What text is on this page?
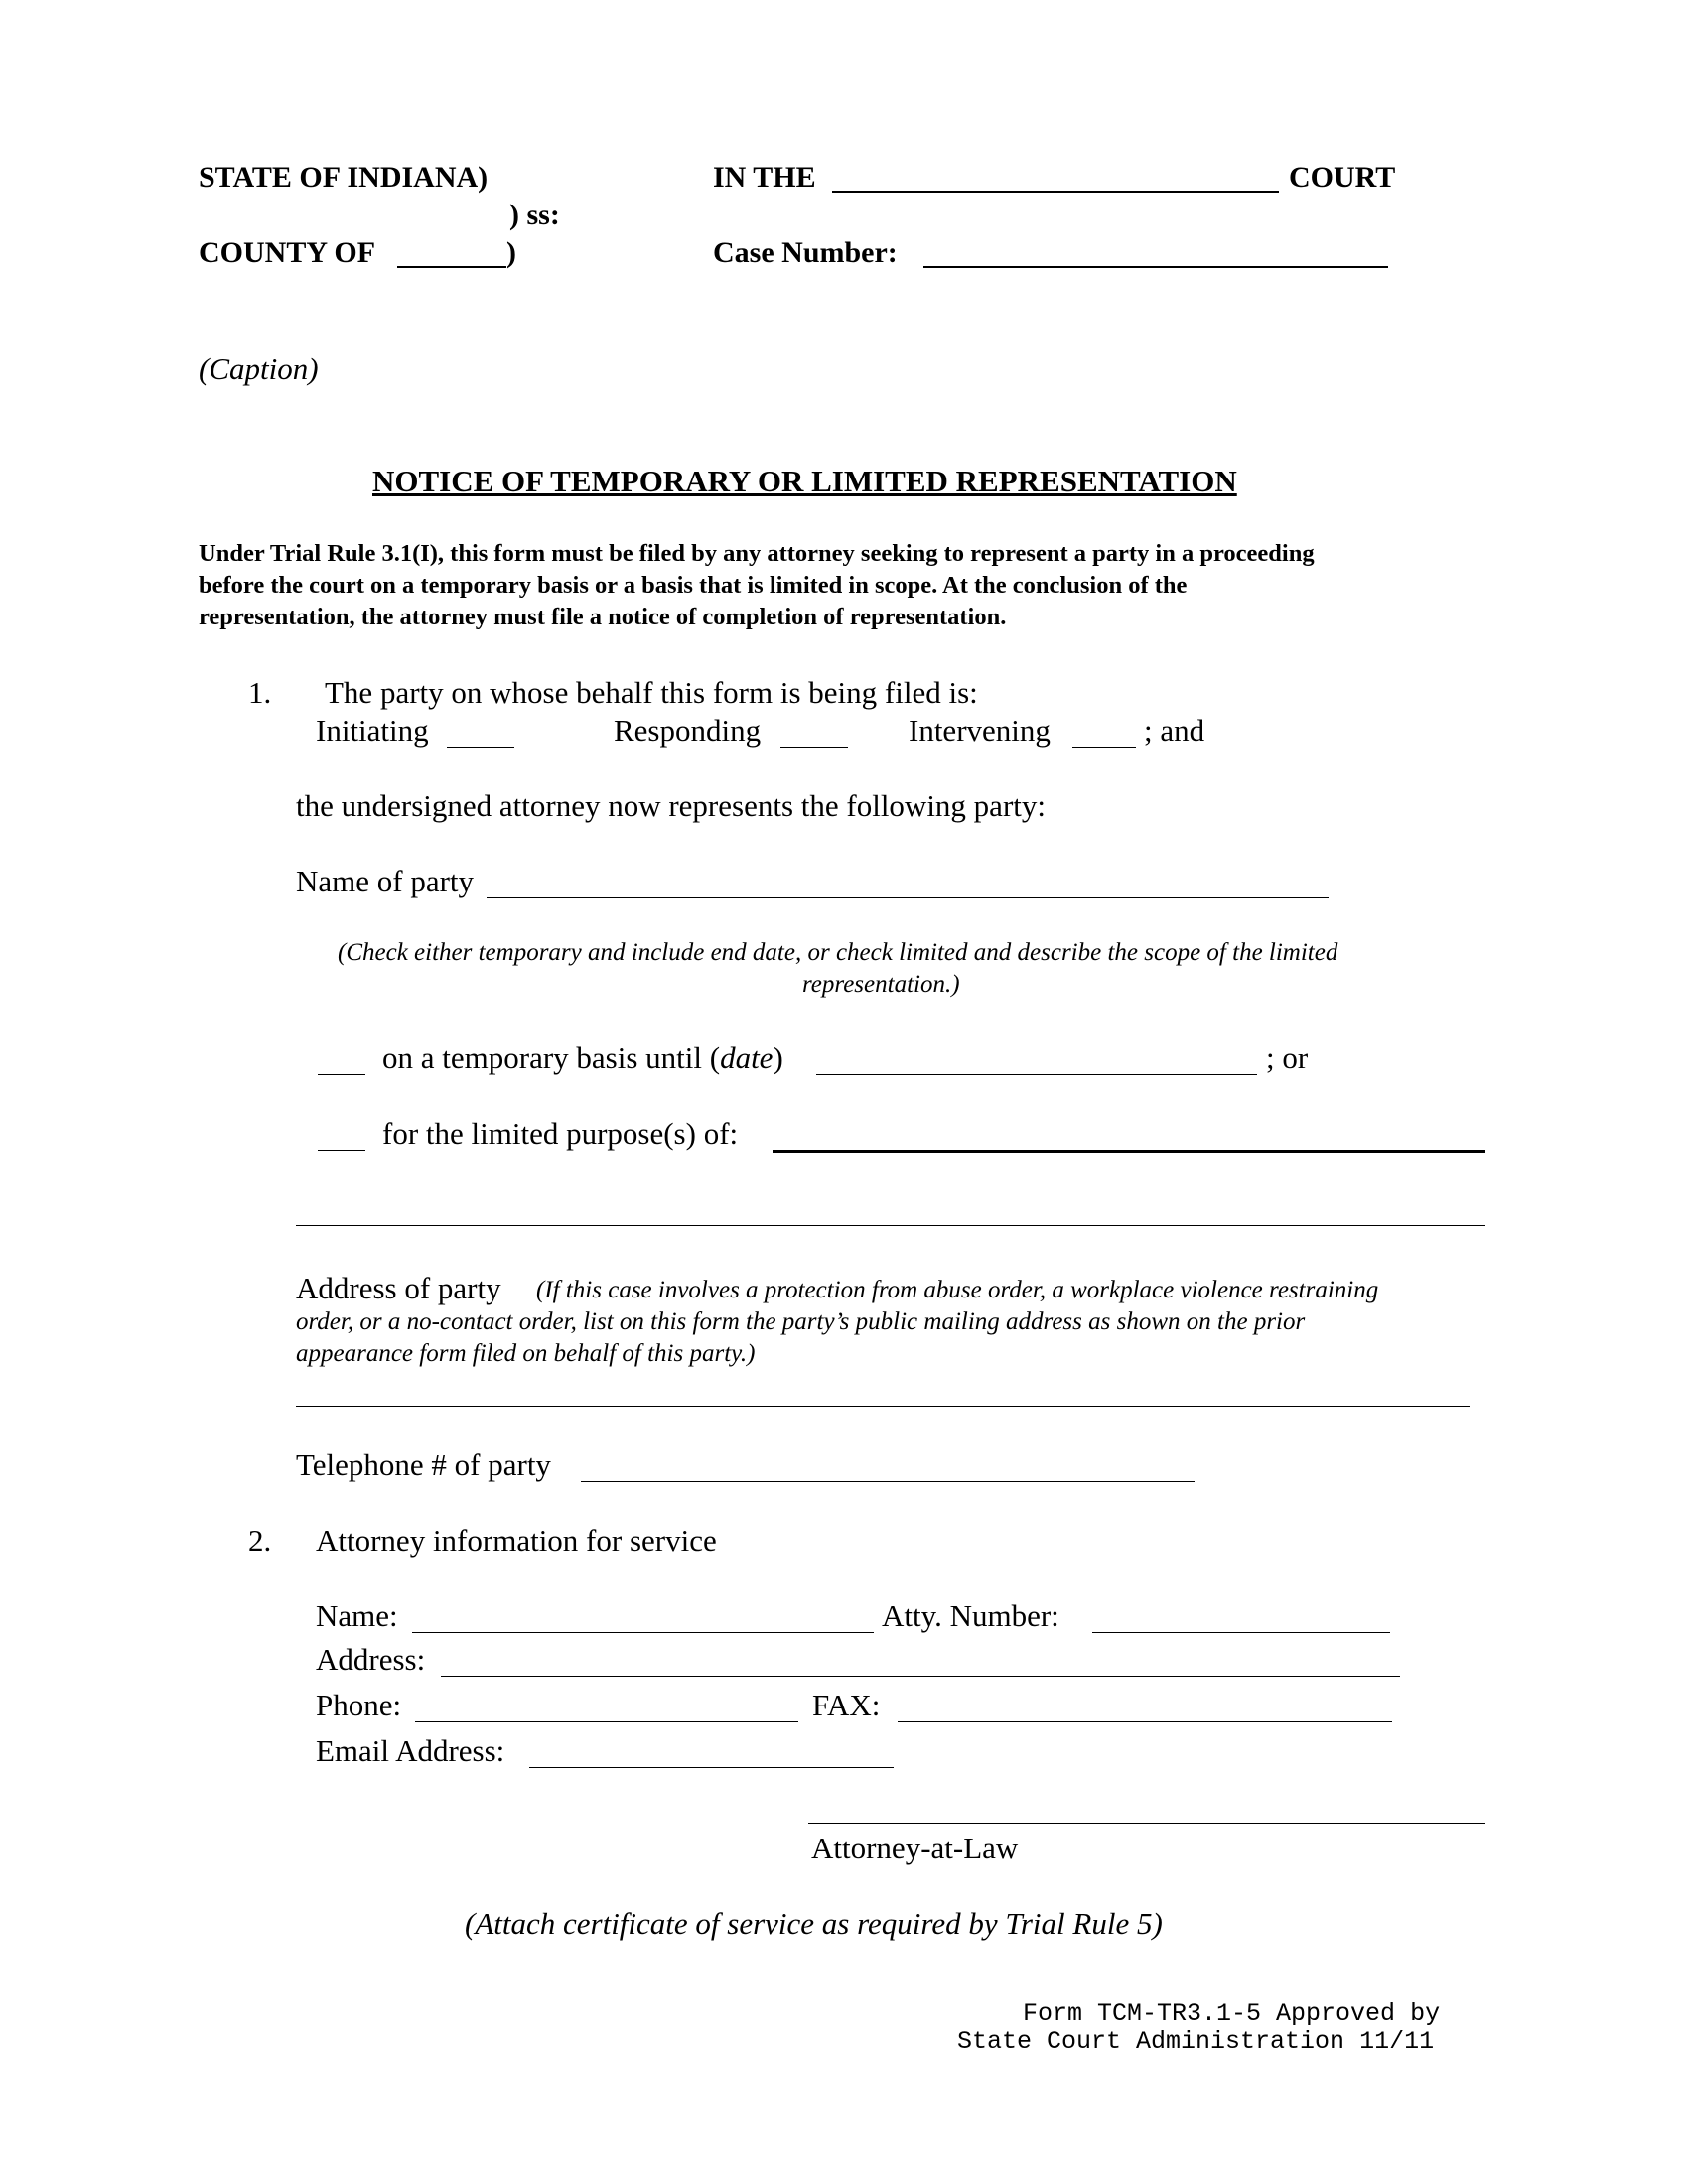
STATE OF INDIANA)
) ss:
COUNTY OF	)
IN THE	COURT
Case Number:
(Caption)
NOTICE OF TEMPORARY OR LIMITED REPRESENTATION
Under Trial Rule 3.1(I), this form must be filed by any attorney seeking to represent a party in a proceeding
before the court on a temporary basis or a basis that is limited in scope. At the conclusion of the
representation, the attorney must file a notice of completion of representation.
1. The party on whose behalf this form is being filed is:
Initiating	Responding	Intervening	; and
the undersigned attorney now represents the following party:
Name of party
(Check either temporary and include end date, or check limited and describe the scope of the limited
representation.)
on a temporary basis until (date)	; or
for the limited purpose(s) of:
Address of party (If this case involves a protection from abuse order, a workplace violence restraining
order, or a no-contact order, list on this form the party’s public mailing address as shown on the prior
appearance form filed on behalf of this party.)
Telephone # of party
2. Attorney information for service
Name:	Atty. Number:
Address:
Phone:	FAX:
Email Address:
Attorney-at-Law
(Attach certificate of service as required by Trial Rule 5)
Form TCM-TR3.1-5 Approved by
State Court Administration 11/11
